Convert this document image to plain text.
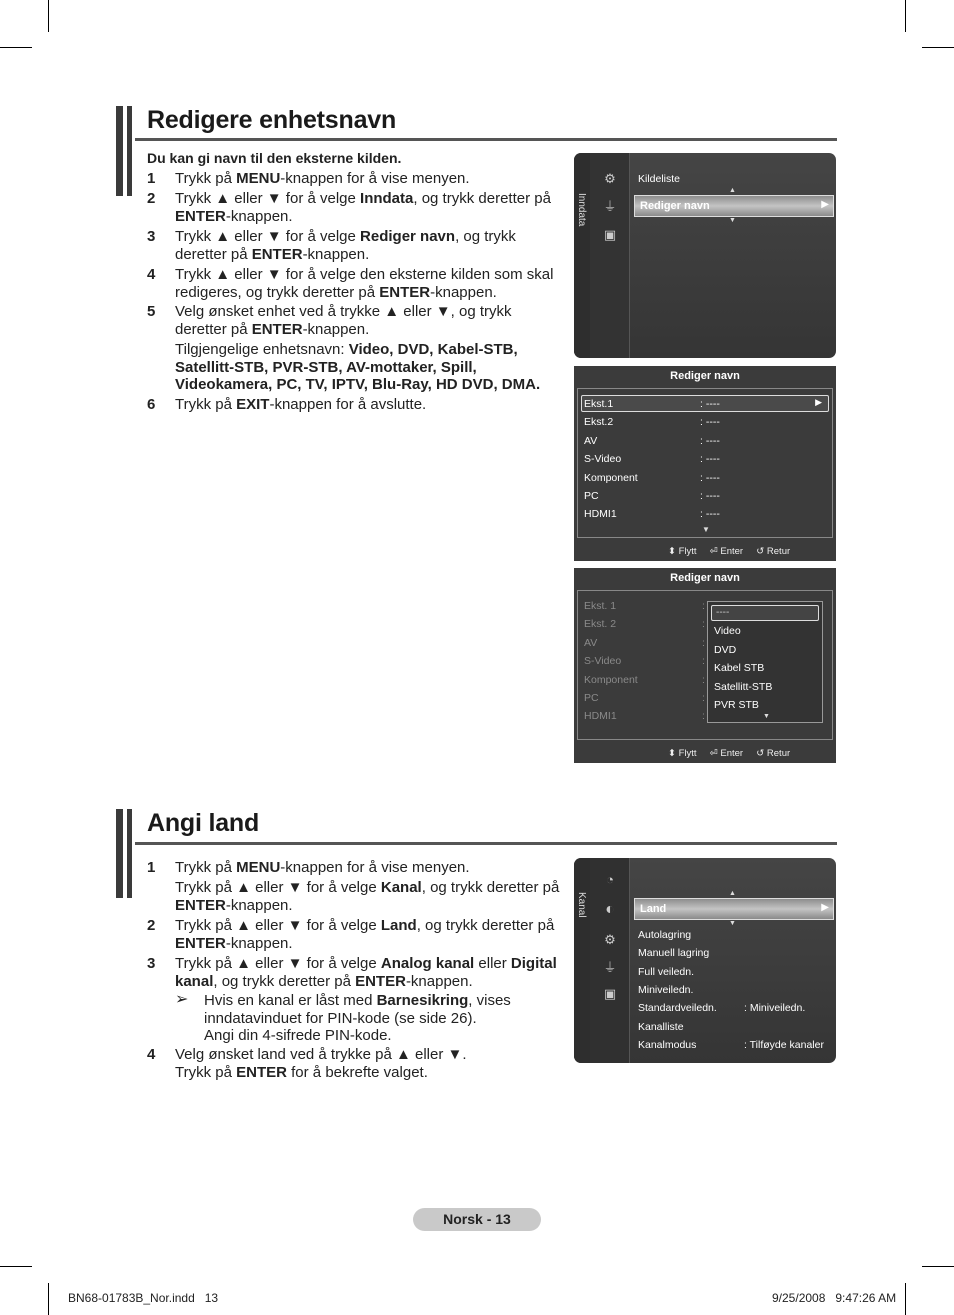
Redigere enhetsnavn
Du kan gi navn til den eksterne kilden.
1 Trykk på MENU-knappen for å vise menyen.
2 Trykk ▲ eller ▼ for å velge Inndata, og trykk deretter på ENTER-knappen.
3 Trykk ▲ eller ▼ for å velge Rediger navn, og trykk deretter på ENTER-knappen.
4 Trykk ▲ eller ▼ for å velge den eksterne kilden som skal redigeres, og trykk deretter på ENTER-knappen.
5 Velg ønsket enhet ved å trykke ▲ eller ▼, og trykk deretter på ENTER-knappen.
Tilgjengelige enhetsnavn: Video, DVD, Kabel-STB, Satellitt-STB, PVR-STB, AV-mottaker, Spill, Videokamera, PC, TV, IPTV, Blu-Ray, HD DVD, DMA.
6 Trykk på EXIT-knappen for å avslutte.
Inndata
⚙
⏚
▣
Kildeliste
▲
Rediger navn	▶
▼
Rediger navn
▶
Ekst.1	: ----
Ekst.2	: ----
AV	: ----
S-Video	: ----
Komponent	: ----
PC	: ----
HDMI1	: ----
▼
⬍ Flytt ⏎ Enter ↺ Retur
Rediger navn
Ekst. 1	:
Ekst. 2	:
AV	:
S-Video	:
Komponent	:
PC	:
HDMI1	:
----
Video
DVD
Kabel STB
Satellitt-STB
PVR STB
▼
⬍ Flytt ⏎ Enter ↺ Retur
Angi land
1 Trykk på MENU-knappen for å vise menyen.
Trykk på ▲ eller ▼ for å velge Kanal, og trykk deretter på ENTER-knappen.
2 Trykk på ▲ eller ▼ for å velge Land, og trykk deretter på ENTER-knappen.
3 Trykk på ▲ eller ▼ for å velge Analog kanal eller Digital kanal, og trykk deretter på ENTER-knappen.
Hvis en kanal er låst med Barnesikring, vises inndatavinduet for PIN-kode (se side 26).
Angi din 4-sifrede PIN-kode.
4 Velg ønsket land ved å trykke på ▲ eller ▼.
Trykk på ENTER for å bekrefte valget.
➢
Kanal
◔
◐
⚙
⏚
▣
▲
Land	▶
▼
Autolagring
Manuell lagring
Full veiledn.
Miniveiledn.
Standardveiledn.	: Miniveiledn.
Kanalliste
Kanalmodus	: Tilføyde kanaler
Norsk - 13
BN68-01783B_Nor.indd   13	9/25/2008   9:47:26 AM
